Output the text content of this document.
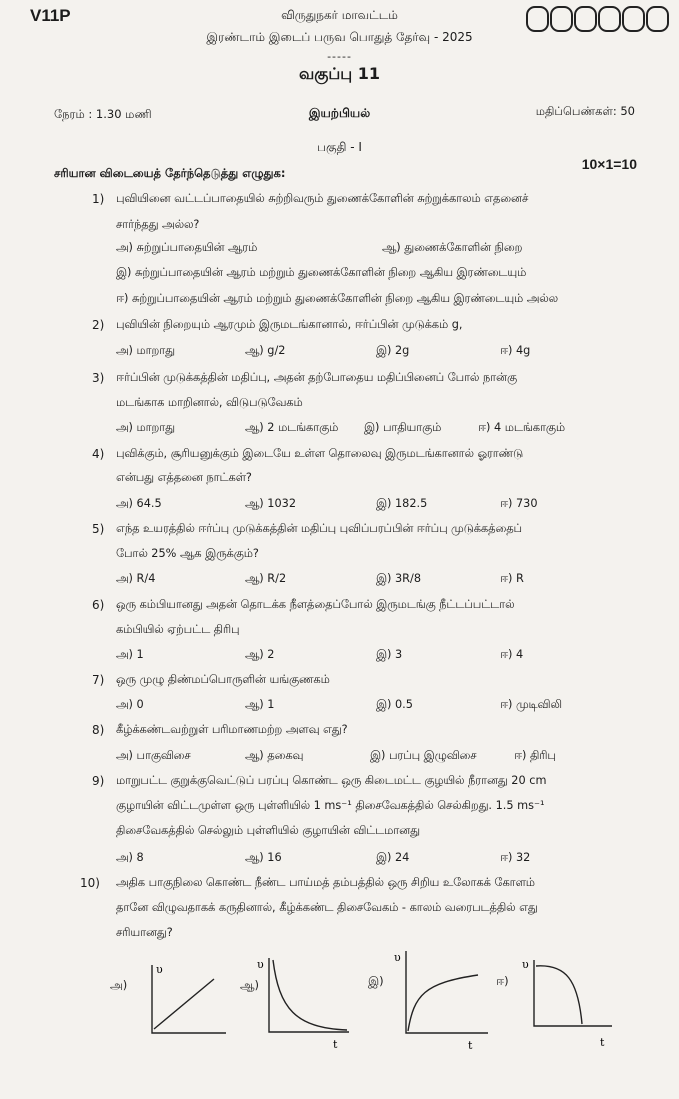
V11P	விருதுநகர் மாவட்டம்
இரண்டாம் இடைப் பருவ பொதுத் தேர்வு - 2025
-----
வகுப்பு 11
நேரம் : 1.30 மணி	இயற்பியல்	மதிப்பெண்கள்: 50
பகுதி - I
சரியான விடையைத் தேர்ந்தெடுத்து எழுதுக:
10×1=10
1) புவியினை வட்டப்பாதையில் சுற்றிவரும் துணைக்கோளின் சுற்றுக்காலம் எதனைச்
சார்ந்தது அல்ல?
அ) சுற்றுப்பாதையின் ஆரம்	ஆ) துணைக்கோளின் நிறை
இ) சுற்றுப்பாதையின் ஆரம் மற்றும் துணைக்கோளின் நிறை ஆகிய இரண்டையும்
ஈ) சுற்றுப்பாதையின் ஆரம் மற்றும் துணைக்கோளின் நிறை ஆகிய இரண்டையும் அல்ல
2) புவியின் நிறையும் ஆரமும் இருமடங்கானால், ஈர்ப்பின் முடுக்கம் g,
அ) மாறாது	ஆ) g/2	இ) 2g	ஈ) 4g
3) ஈர்ப்பின் முடுக்கத்தின் மதிப்பு, அதன் தற்போதைய மதிப்பினைப் போல் நான்கு
மடங்காக மாறினால், விடுபடுவேகம்
அ) மாறாது	ஆ) 2 மடங்காகும் இ) பாதியாகும்	ஈ) 4 மடங்காகும்
4) புவிக்கும், சூரியனுக்கும் இடையே உள்ள தொலைவு இருமடங்கானால் ஓராண்டு
என்பது எத்தனை நாட்கள்?
அ) 64.5	ஆ) 1032	இ) 182.5	ஈ) 730
5) எந்த உயரத்தில் ஈர்ப்பு முடுக்கத்தின் மதிப்பு புவிப்பரப்பின் ஈர்ப்பு முடுக்கத்தைப்
போல் 25% ஆக இருக்கும்?
அ) R/4	ஆ) R/2	இ) 3R/8	ஈ) R
6) ஒரு கம்பியானது அதன் தொடக்க நீளத்தைப்போல் இருமடங்கு நீட்டப்பட்டால்
கம்பியில் ஏற்பட்ட திரிபு
அ) 1	ஆ) 2	இ) 3	ஈ) 4
7) ஒரு முழு திண்மப்பொருளின் யங்குணகம்
அ) 0	ஆ) 1	இ) 0.5	ஈ) முடிவிலி
8) கீழ்க்கண்டவற்றுள் பரிமாணமற்ற அளவு எது?
அ) பாகுவிசை	ஆ) தகைவு	இ) பரப்பு இழுவிசை	ஈ) திரிபு
9) மாறுபட்ட குறுக்குவெட்டுப் பரப்பு கொண்ட ஒரு கிடைமட்ட குழயில் நீரானது 20 cm
குழாயின் விட்டமுள்ள ஒரு புள்ளியில் 1 ms⁻¹ திசைவேகத்தில் செல்கிறது. 1.5 ms⁻¹
திசைவேகத்தில் செல்லும் புள்ளியில் குழாயின் விட்டமானது
அ) 8	ஆ) 16	இ) 24	ஈ) 32
10) அதிக பாகுநிலை கொண்ட நீண்ட பாய்மத் தம்பத்தில் ஒரு சிறிய உலோகக் கோளம்
தானே விழுவதாகக் கருதினால், கீழ்க்கண்ட திசைவேகம் - காலம் வரைபடத்தில் எது
சரியானது?
அ)	ஆ)	இ)	ஈ)
υ	υ
t
υ
t
υ
t
